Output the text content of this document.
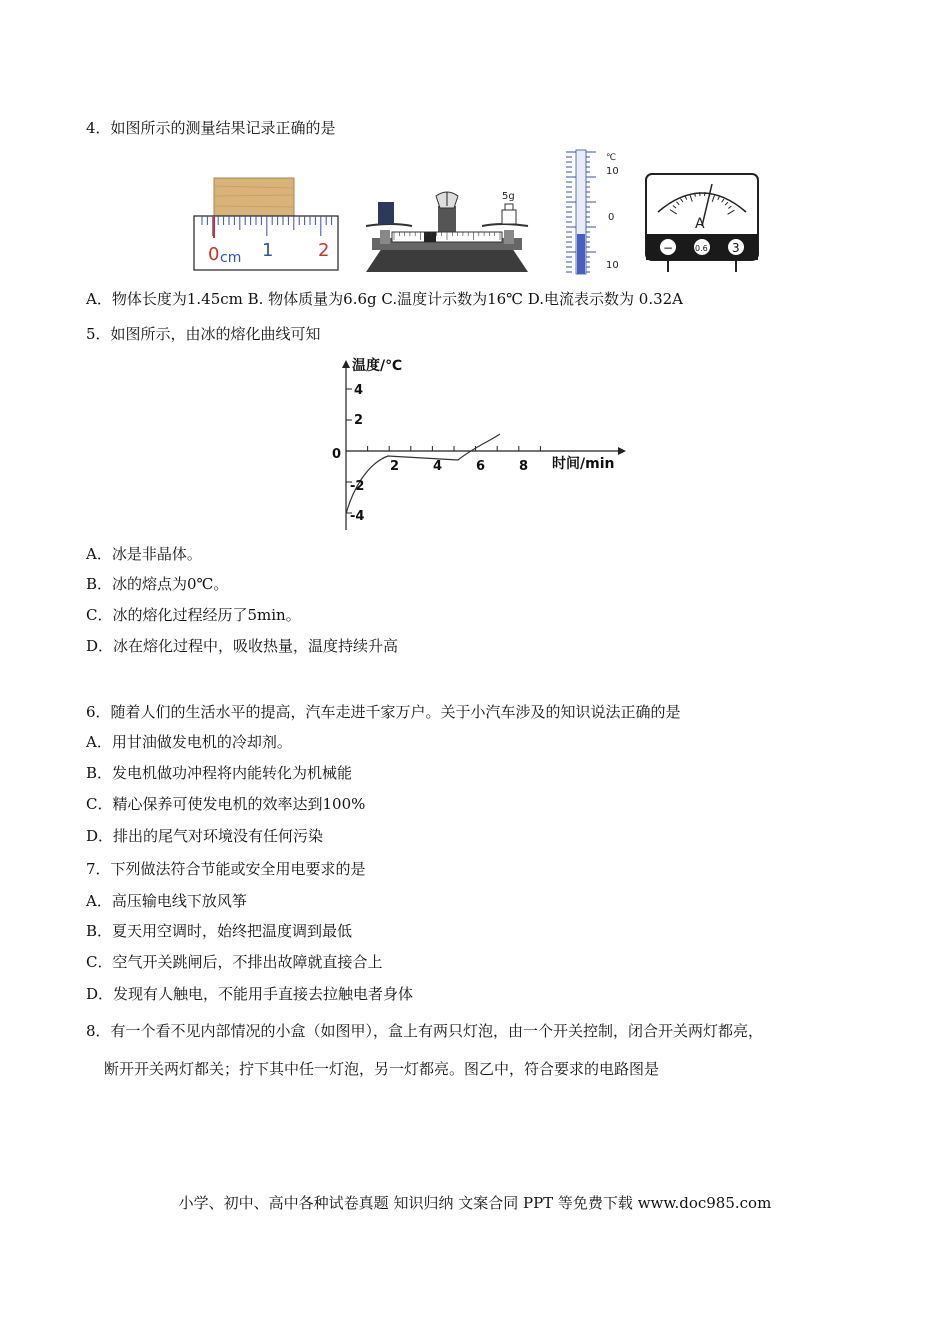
4．如图所示的测量结果记录正确的是
0 cm 1 2
5g
℃
10
0
10
A
−	0.6 3
A．物体长度为1.45cm B. 物体质量为6.6g C.温度计示数为16℃ D.电流表示数为 0.32A
5．如图所示，由冰的熔化曲线可知
温度/℃
时间/min
0
4
2
-2
-4
2	4	6	8
A．冰是非晶体。
B．冰的熔点为0℃。
C．冰的熔化过程经历了5min。
D．冰在熔化过程中，吸收热量，温度持续升高
6．随着人们的生活水平的提高，汽车走进千家万户。关于小汽车涉及的知识说法正确的是
A．用甘油做发电机的冷却剂。
B．发电机做功冲程将内能转化为机械能
C．精心保养可使发电机的效率达到100%
D．排出的尾气对环境没有任何污染
7．下列做法符合节能或安全用电要求的是
A．高压输电线下放风筝
B．夏天用空调时，始终把温度调到最低
C．空气开关跳闸后，不排出故障就直接合上
D．发现有人触电，不能用手直接去拉触电者身体
8．有一个看不见内部情况的小盒（如图甲），盒上有两只灯泡，由一个开关控制，闭合开关两灯都亮，
断开开关两灯都关；拧下其中任一灯泡，另一灯都亮。图乙中，符合要求的电路图是
小学、初中、高中各种试卷真题 知识归纳 文案合同 PPT 等免费下载 www.doc985.com
